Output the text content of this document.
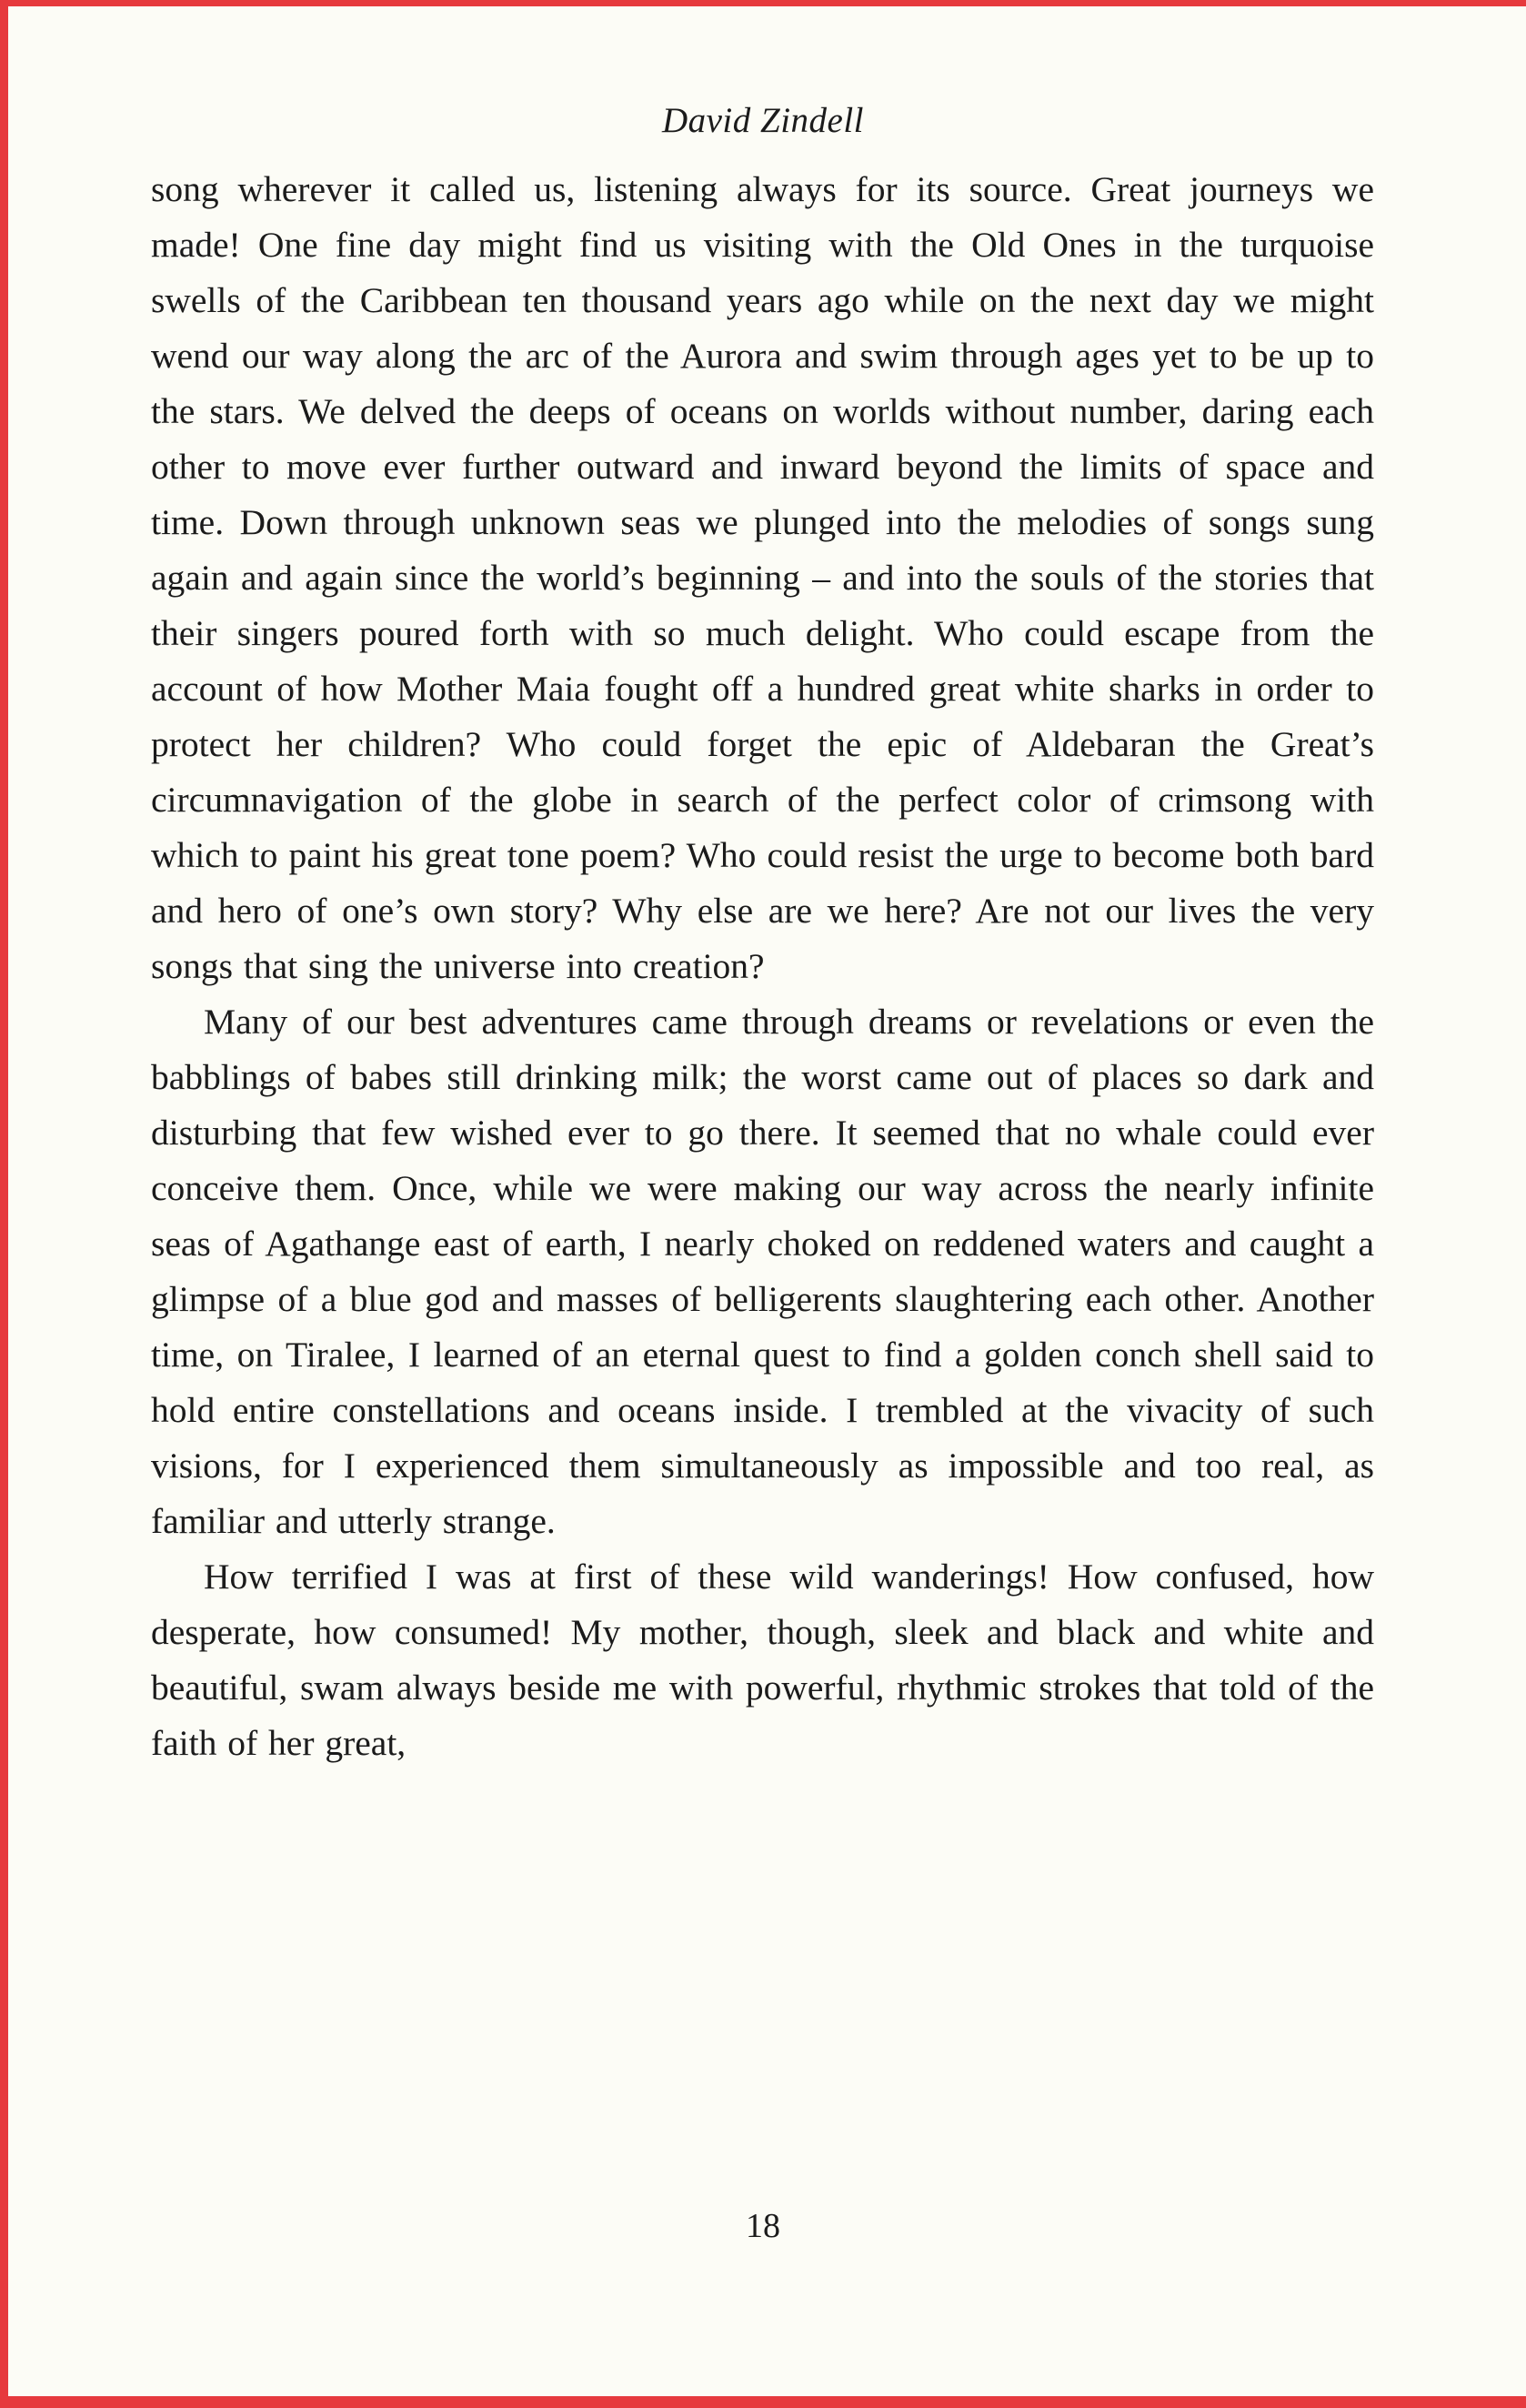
David Zindell

song wherever it called us, listening always for its source. Great journeys we made! One fine day might find us visiting with the Old Ones in the turquoise swells of the Caribbean ten thousand years ago while on the next day we might wend our way along the arc of the Aurora and swim through ages yet to be up to the stars. We delved the deeps of oceans on worlds without number, daring each other to move ever further outward and inward beyond the limits of space and time. Down through unknown seas we plunged into the melodies of songs sung again and again since the world’s beginning – and into the souls of the stories that their singers poured forth with so much delight. Who could escape from the account of how Mother Maia fought off a hundred great white sharks in order to protect her children? Who could forget the epic of Aldebaran the Great’s circumnavigation of the globe in search of the perfect color of crimsong with which to paint his great tone poem? Who could resist the urge to become both bard and hero of one’s own story? Why else are we here? Are not our lives the very songs that sing the universe into creation?

Many of our best adventures came through dreams or revelations or even the babblings of babes still drinking milk; the worst came out of places so dark and disturbing that few wished ever to go there. It seemed that no whale could ever conceive them. Once, while we were making our way across the nearly infinite seas of Agathange east of earth, I nearly choked on reddened waters and caught a glimpse of a blue god and masses of belligerents slaughtering each other. Another time, on Tiralee, I learned of an eternal quest to find a golden conch shell said to hold entire constellations and oceans inside. I trembled at the vivacity of such visions, for I experienced them simultaneously as impossible and too real, as familiar and utterly strange.

How terrified I was at first of these wild wanderings! How confused, how desperate, how consumed! My mother, though, sleek and black and white and beautiful, swam always beside me with powerful, rhythmic strokes that told of the faith of her great,

18
